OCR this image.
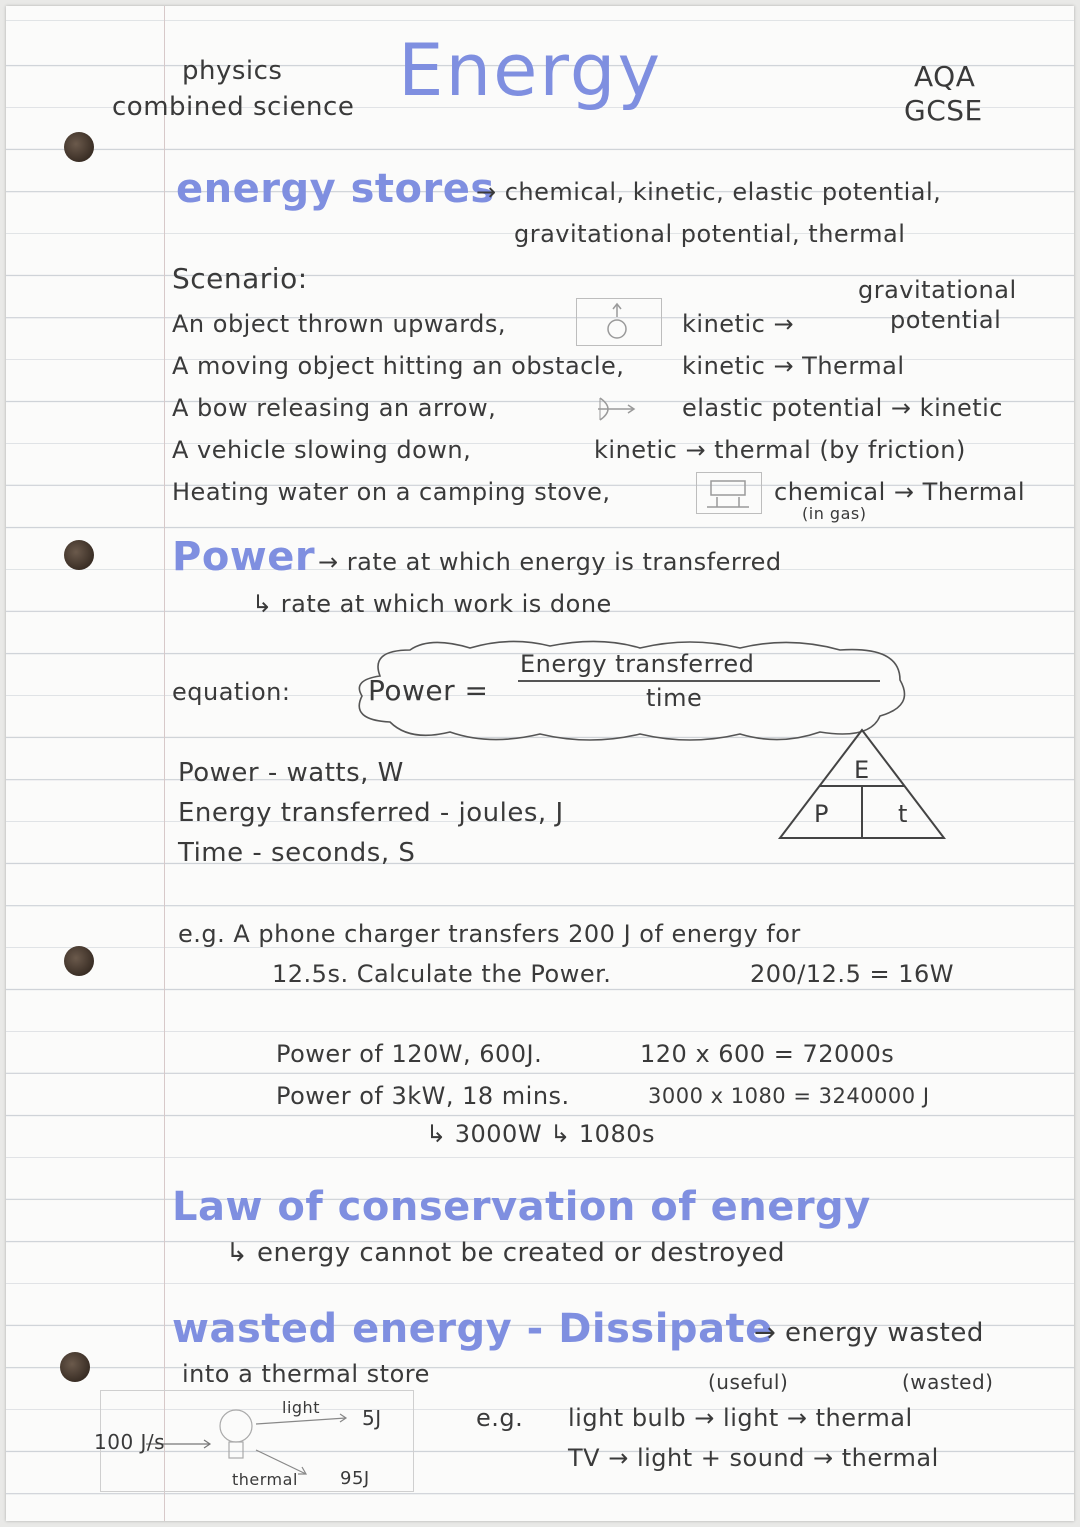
physics
combined science Energy	AQA
GCSE
energy stores
→ chemical, kinetic, elastic potential,
gravitational potential, thermal
Scenario:
An object thrown upwards,	kinetic →
gravitational
potential
A moving object hitting an obstacle, kinetic → Thermal
A bow releasing an arrow,	elastic potential → kinetic
A vehicle slowing down,	kinetic → thermal (by friction)
Heating water on a camping stove,	chemical → Thermal
(in gas)
Power → rate at which energy is transferred
↳ rate at which work is done
equation:	Power =
Energy transferred
time
Power - watts, W
Energy transferred - joules, J
Time - seconds, S
E
P	t
e.g. A phone charger transfers 200 J of energy for
12.5s. Calculate the Power.	200/12.5 = 16W
Power of 120W, 600J.	120 x 600 = 72000s
Power of 3kW, 18 mins.	3000 x 1080 = 3240000 J
↳ 3000W ↳ 1080s
Law of conservation of energy
↳ energy cannot be created or destroyed
wasted energy - Dissipate
→ energy wasted
into a thermal store	(useful)	(wasted)
e.g. light bulb → light → thermal
TV → light + sound → thermal
100 J/s
light 5J
thermal 95J
